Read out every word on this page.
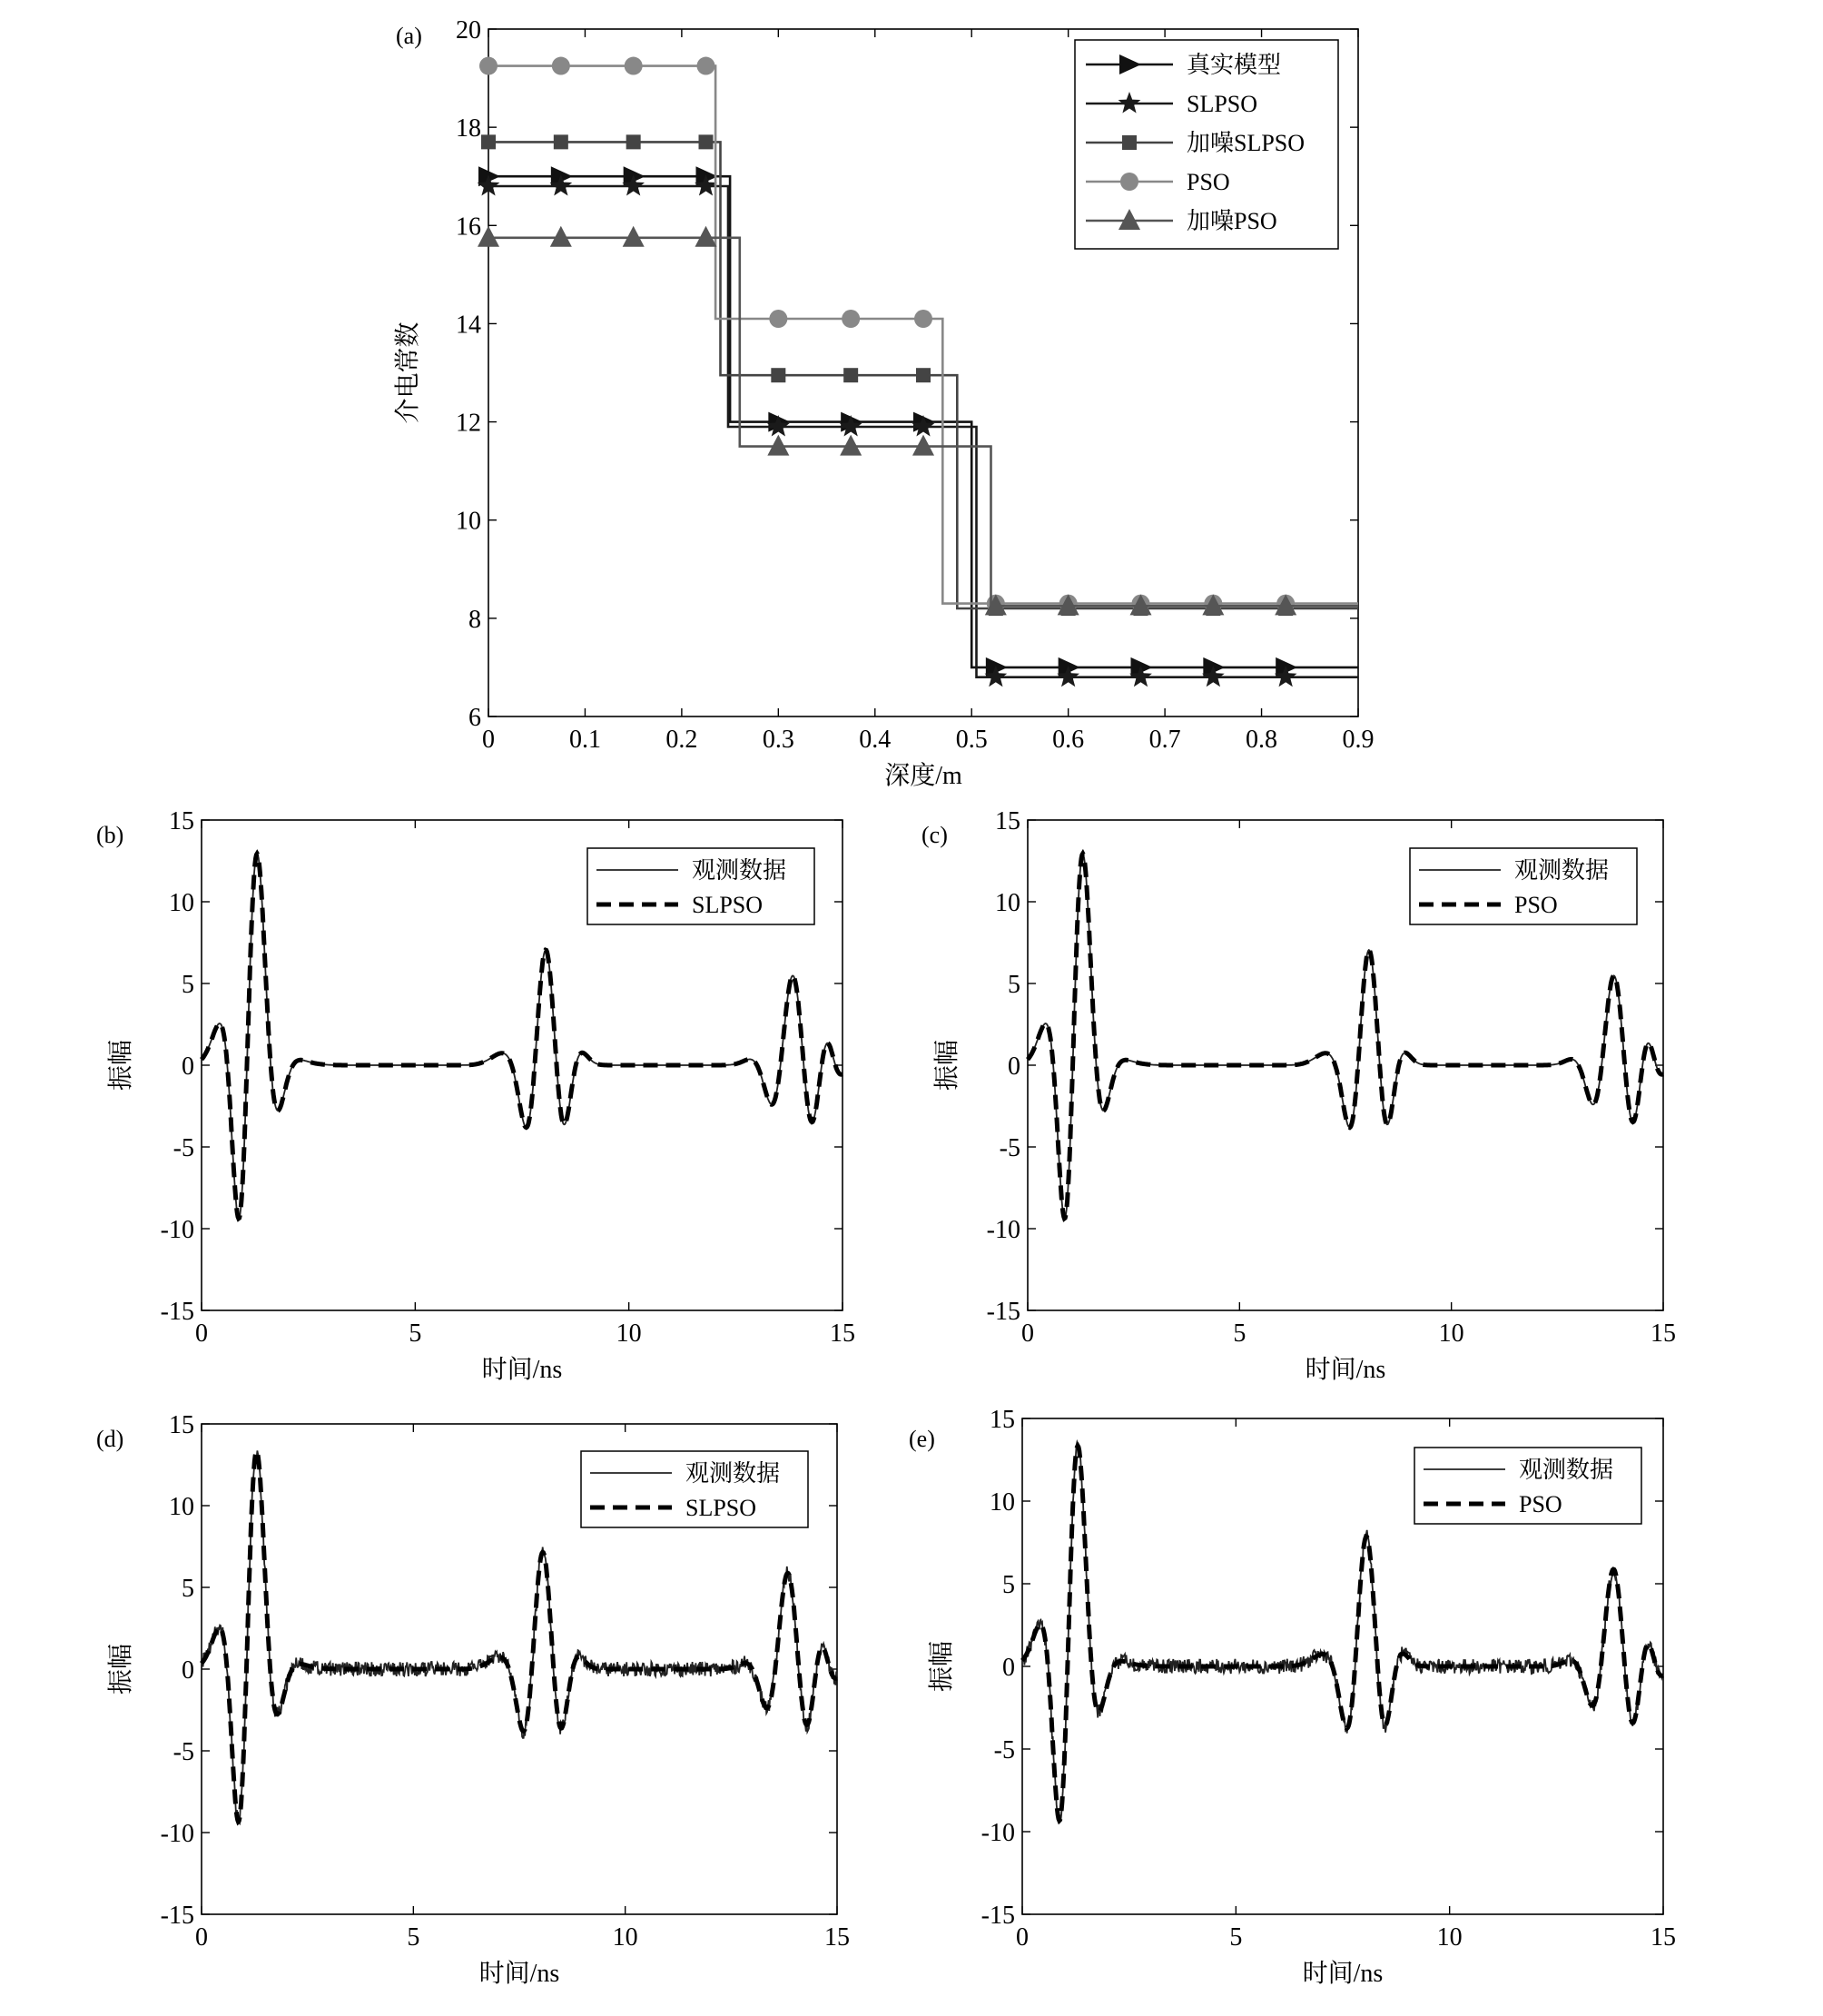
0	0.1	0.2	0.3	0.4	0.5	0.6	0.7	0.8	0.9
6
8
10
12
14
16
18
20
深度/m
介电常数
(a)
真实模型
SLPSO
加噪SLPSO
PSO
加噪PSO
0	5	10	15
-15
-10
-5
0
5
10
15
时间/ns
振幅
(b)
观测数据
SLPSO
0	5	10	15
-15
-10
-5
0
5
10
15
时间/ns
振幅
(c)
观测数据
PSO
0	5	10	15
-15
-10
-5
0
5
10
15
时间/ns
振幅
(d)
观测数据
SLPSO
0	5	10	15
-15
-10
-5
0
5
10
15
时间/ns
振幅
(e)
观测数据
PSO
